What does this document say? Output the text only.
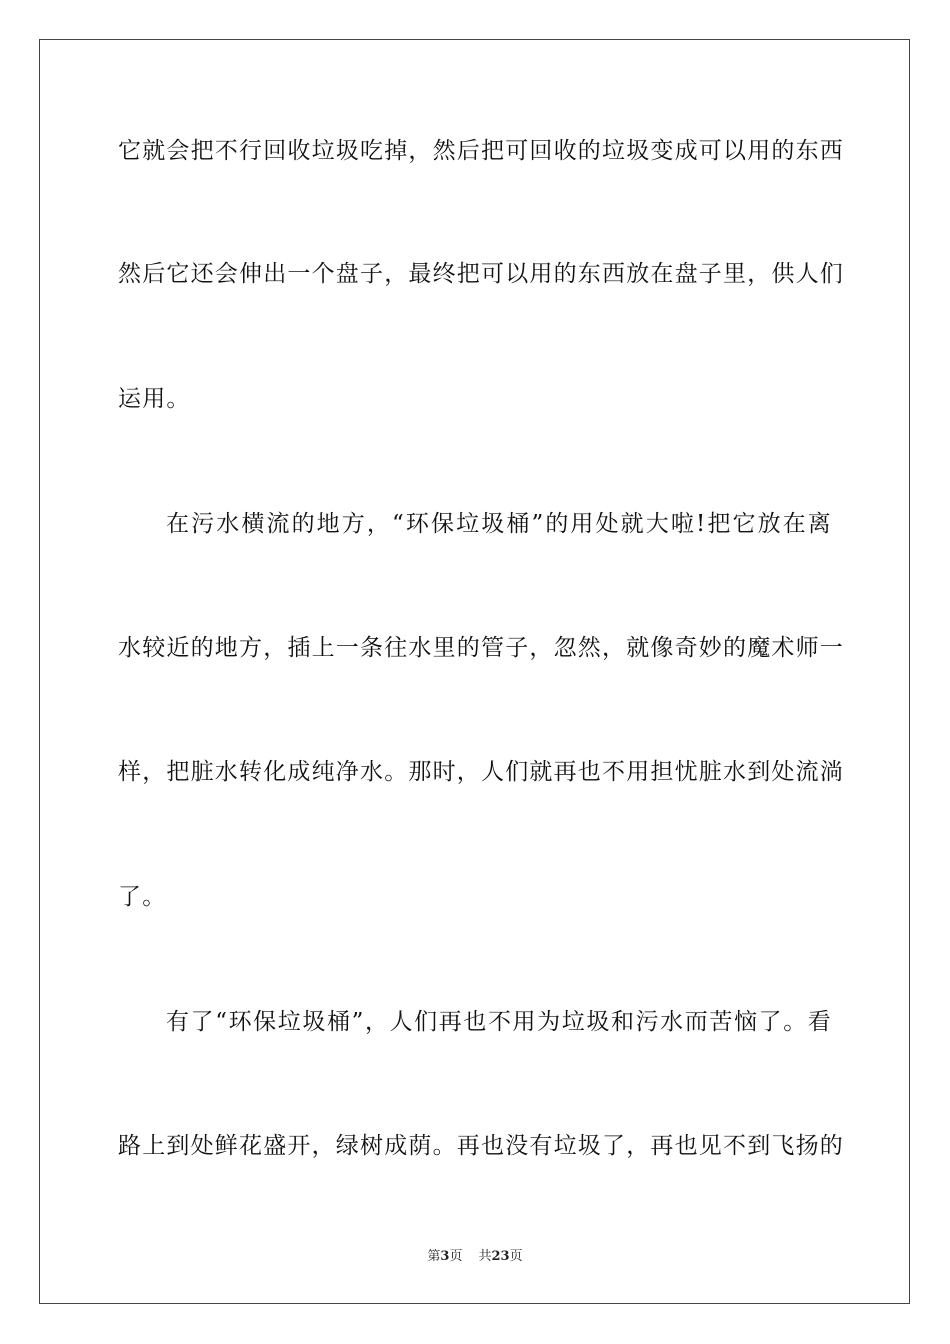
它就会把不行回收垃圾吃掉，然后把可回收的垃圾变成可以用的东西
然后它还会伸出一个盘子，最终把可以用的东西放在盘子里，供人们
运用。
在污水横流的地方，“环保垃圾桶”的用处就大啦!把它放在离
水较近的地方，插上一条往水里的管子，忽然，就像奇妙的魔术师一
样，把脏水转化成纯净水。那时，人们就再也不用担忧脏水到处流淌
了。
有了“环保垃圾桶”，人们再也不用为垃圾和污水而苦恼了。看
路上到处鲜花盛开，绿树成荫。再也没有垃圾了，再也见不到飞扬的
第3页 共23页
